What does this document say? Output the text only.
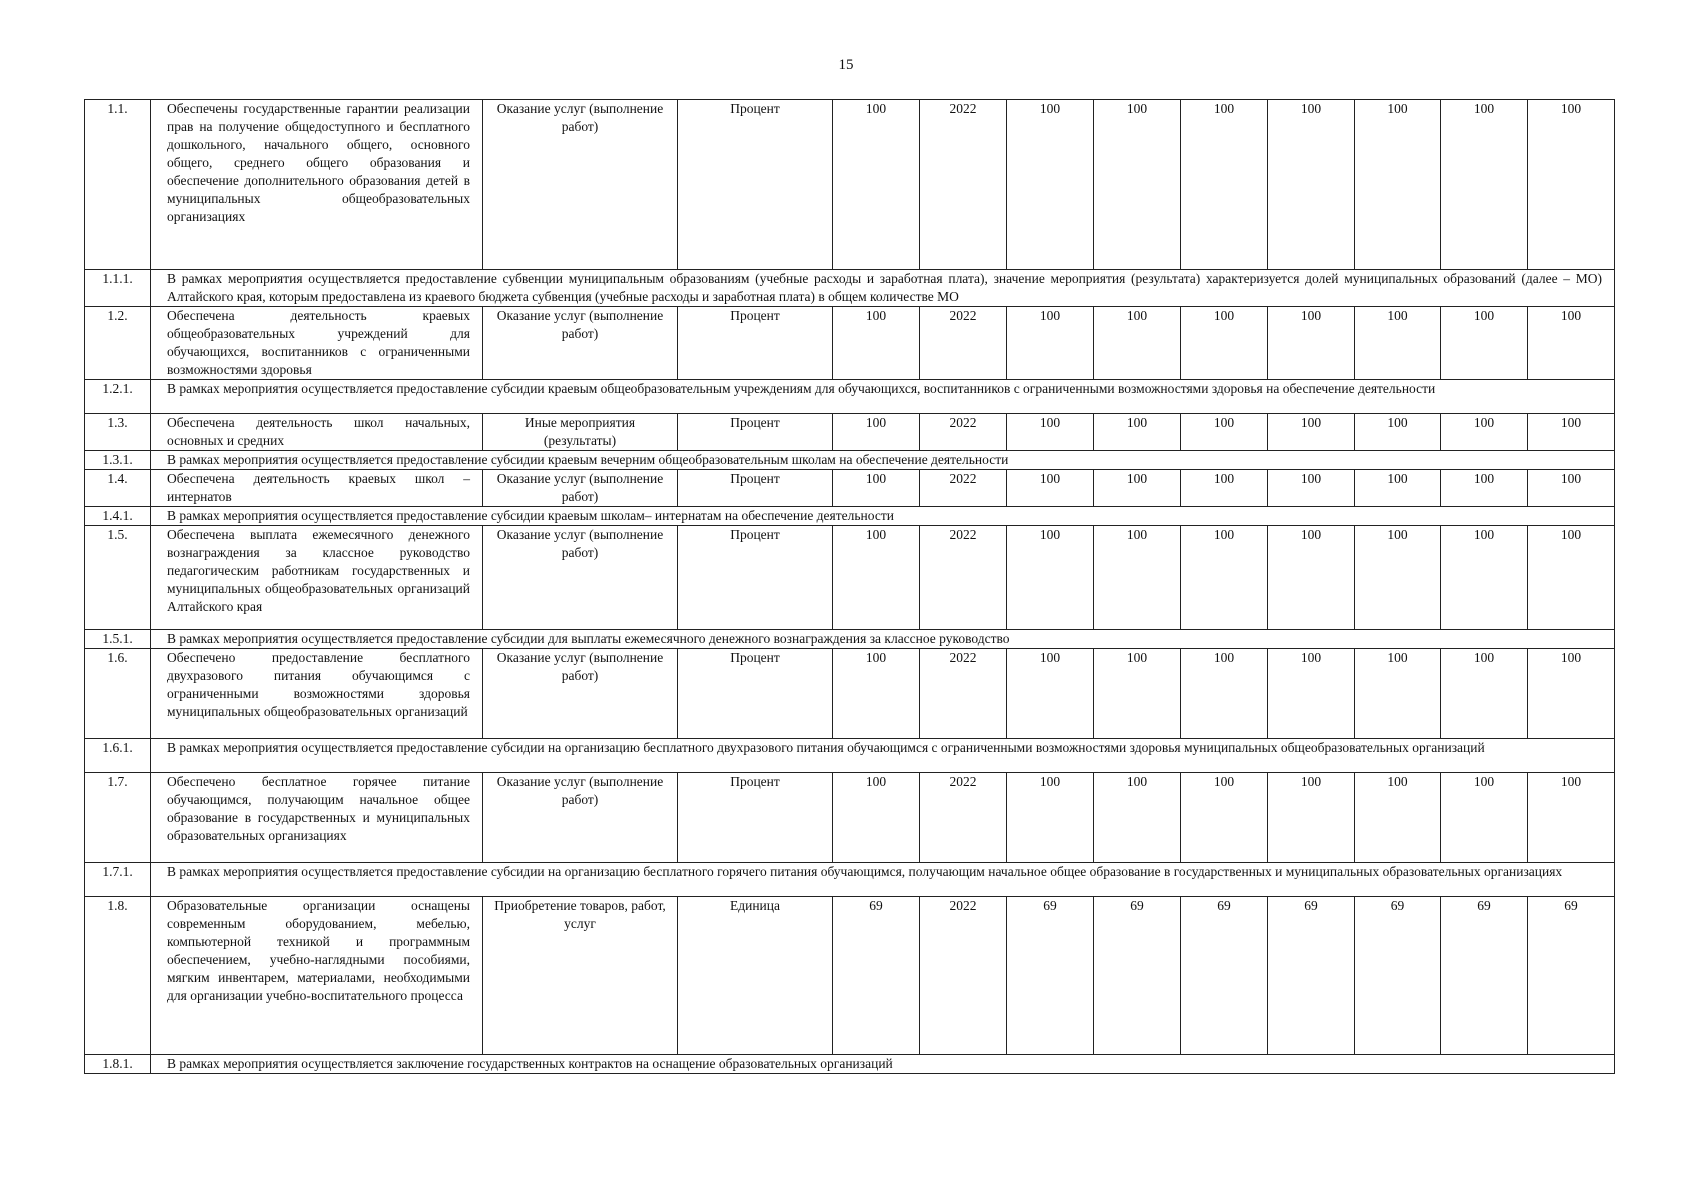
15
1.1.	Обеспечены государственные гарантии реализации прав на получение общедоступного и бесплатного дошкольного, начального общего, основного общего, среднего общего образования и обеспечение дополнительного образования детей в муниципальных общеобразовательных организациях	Оказание услуг (выполнение работ)	Процент	100	2022	100	100	100	100	100	100	100
1.1.1.	В рамках мероприятия осуществляется предоставление субвенции муниципальным образованиям (учебные расходы и заработная плата), значение мероприятия (результата) характеризуется долей муниципальных образований (далее – МО) Алтайского края, которым предоставлена из краевого бюджета субвенция (учебные расходы и заработная плата) в общем количестве МО											
1.2.	Обеспечена деятельность краевых общеобразовательных учреждений для обучающихся, воспитанников с ограниченными возможностями здоровья	Оказание услуг (выполнение работ)	Процент	100	2022	100	100	100	100	100	100	100
1.2.1.	В рамках мероприятия осуществляется предоставление субсидии краевым общеобразовательным учреждениям для обучающихся, воспитанников с ограниченными возможностями здоровья на обеспечение деятельности											
1.3.	Обеспечена деятельность школ начальных, основных и средних	Иные мероприятия (результаты)	Процент	100	2022	100	100	100	100	100	100	100
1.3.1.	В рамках мероприятия осуществляется предоставление субсидии краевым вечерним общеобразовательным школам на обеспечение деятельности											
1.4.	Обеспечена деятельность краевых школ – интернатов	Оказание услуг (выполнение работ)	Процент	100	2022	100	100	100	100	100	100	100
1.4.1.	В рамках мероприятия осуществляется предоставление субсидии краевым школам– интернатам на обеспечение деятельности											
1.5.	Обеспечена выплата ежемесячного денежного вознаграждения за классное руководство педагогическим работникам государственных и муниципальных общеобразовательных организаций Алтайского края	Оказание услуг (выполнение работ)	Процент	100	2022	100	100	100	100	100	100	100
1.5.1.	В рамках мероприятия осуществляется предоставление субсидии для выплаты ежемесячного денежного вознаграждения за классное руководство											
1.6.	Обеспечено предоставление бесплатного двухразового питания обучающимся с ограниченными возможностями здоровья муниципальных общеобразовательных организаций	Оказание услуг (выполнение работ)	Процент	100	2022	100	100	100	100	100	100	100
1.6.1.	В рамках мероприятия осуществляется предоставление субсидии на организацию бесплатного двухразового питания обучающимся с ограниченными возможностями здоровья муниципальных общеобразовательных организаций											
1.7.	Обеспечено бесплатное горячее питание обучающимся, получающим начальное общее образование в государственных и муниципальных образовательных организациях	Оказание услуг (выполнение работ)	Процент	100	2022	100	100	100	100	100	100	100
1.7.1.	В рамках мероприятия осуществляется предоставление субсидии на организацию бесплатного горячего питания обучающимся, получающим начальное общее образование в государственных и муниципальных образовательных организациях											
1.8.	Образовательные организации оснащены современным оборудованием, мебелью, компьютерной техникой и программным обеспечением, учебно-наглядными пособиями, мягким инвентарем, материалами, необходимыми для организации учебно-воспитательного процесса	Приобретение товаров, работ, услуг	Единица	69	2022	69	69	69	69	69	69	69
1.8.1.	В рамках мероприятия осуществляется заключение государственных контрактов на оснащение образовательных организаций											
